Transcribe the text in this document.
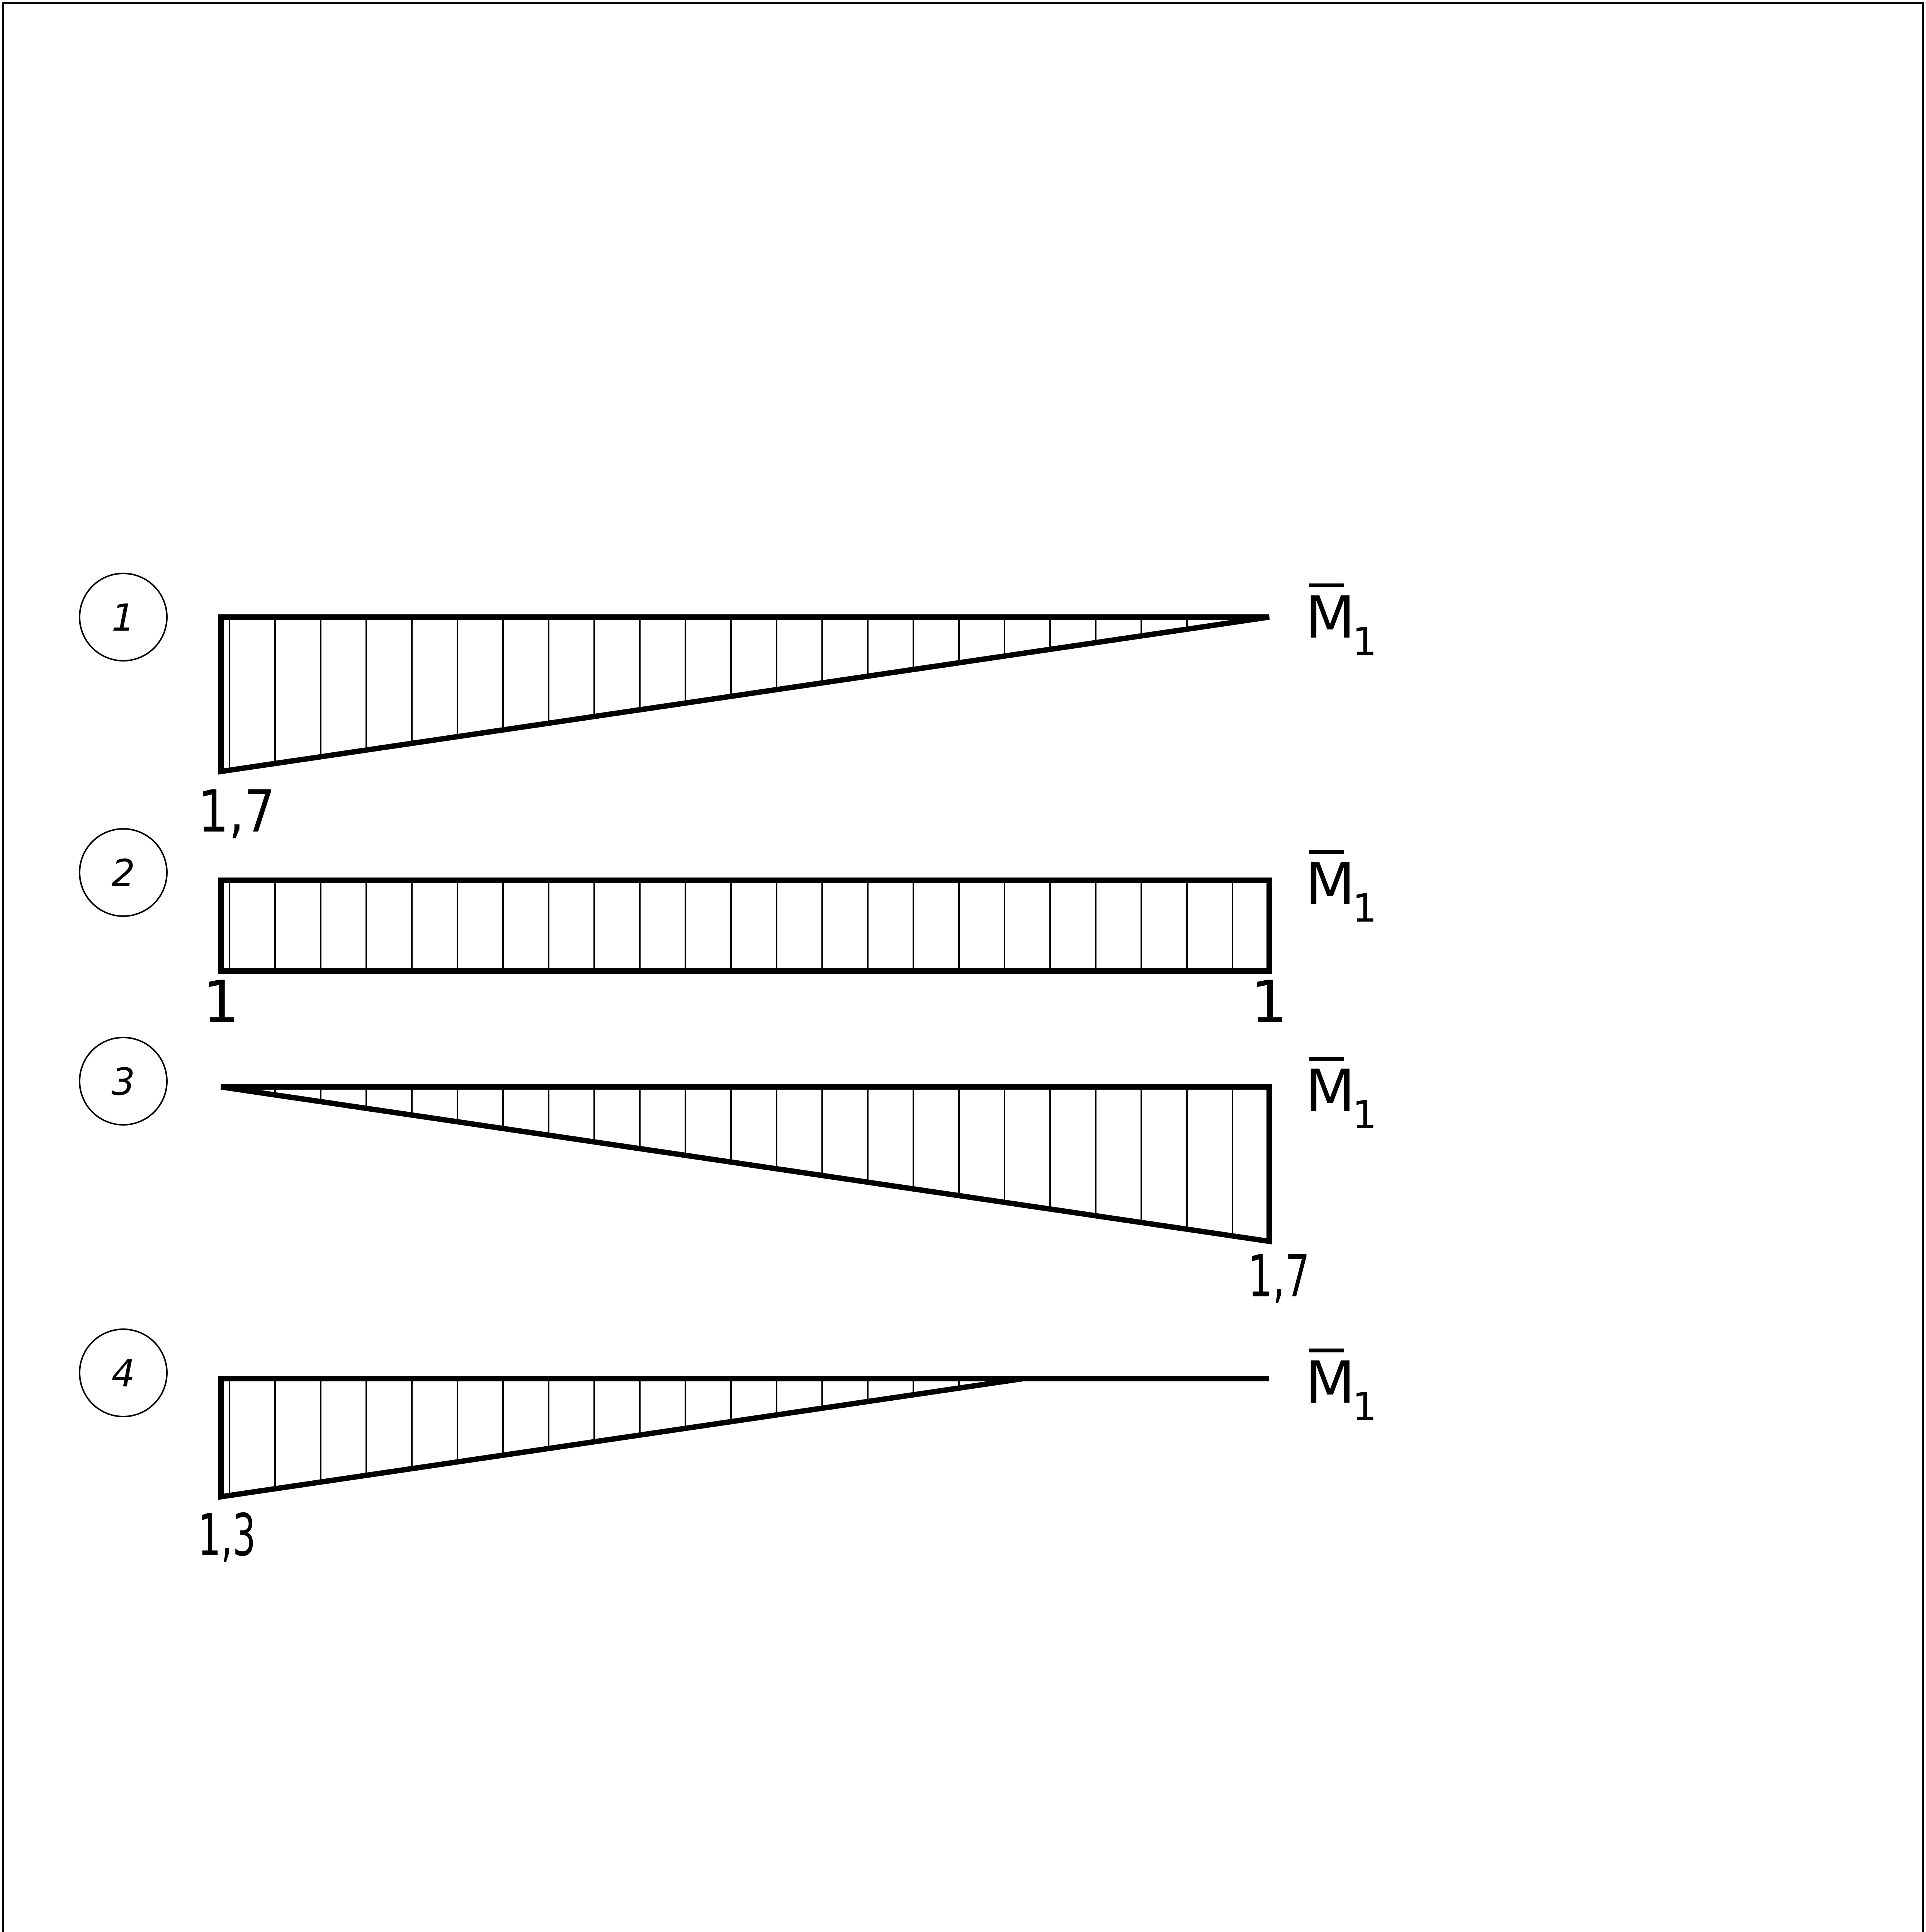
1
1,7
M
1
2
1	1
M
1
3
1,7
M
1
4
1,3
M
1
